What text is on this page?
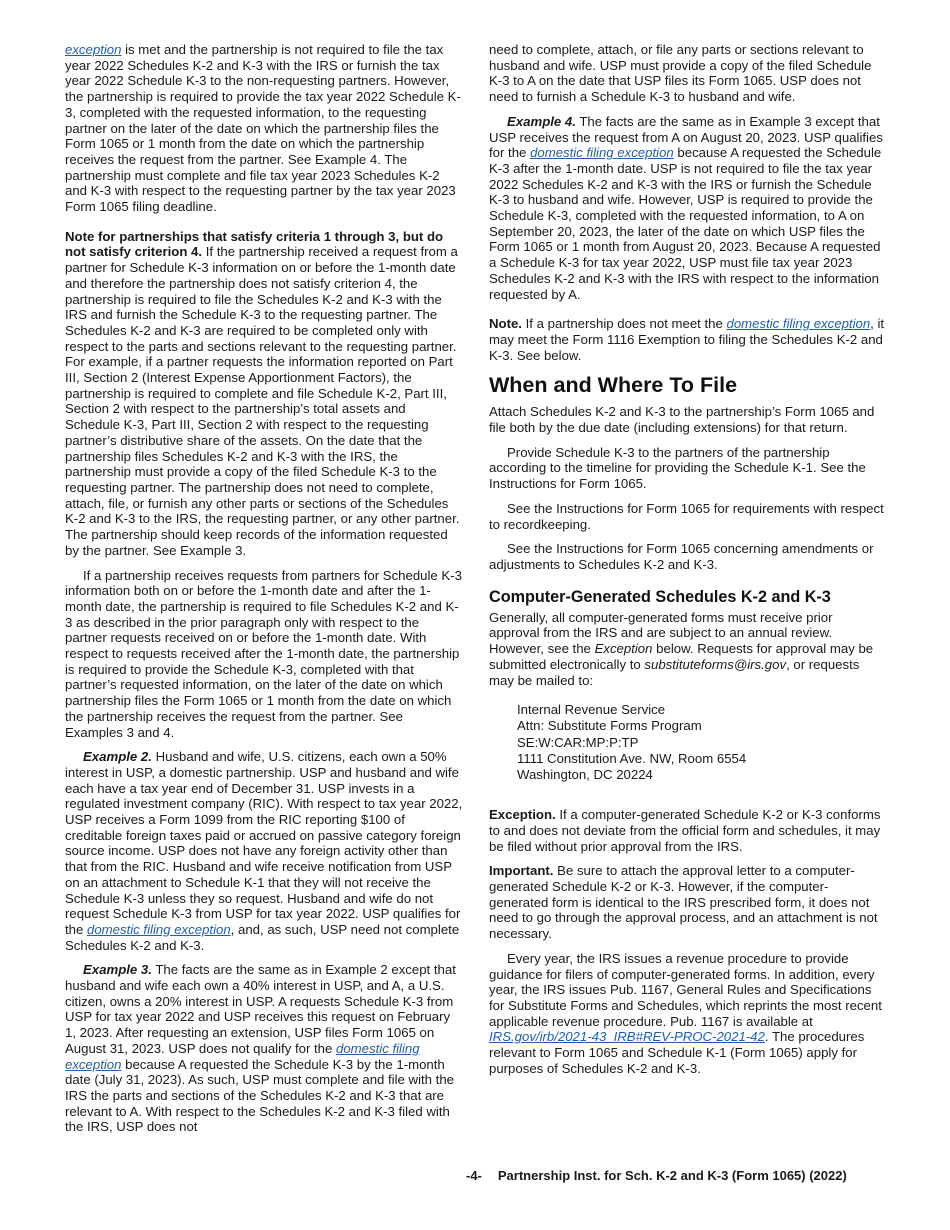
exception is met and the partnership is not required to file the tax year 2022 Schedules K-2 and K-3 with the IRS or furnish the tax year 2022 Schedule K-3 to the non-requesting partners. However, the partnership is required to provide the tax year 2022 Schedule K-3, completed with the requested information, to the requesting partner on the later of the date on which the partnership files the Form 1065 or 1 month from the date on which the partnership receives the request from the partner. See Example 4. The partnership must complete and file tax year 2023 Schedules K-2 and K-3 with respect to the requesting partner by the tax year 2023 Form 1065 filing deadline.

Note for partnerships that satisfy criteria 1 through 3, but do not satisfy criterion 4. If the partnership received a request from a partner for Schedule K-3 information on or before the 1-month date and therefore the partnership does not satisfy criterion 4, the partnership is required to file the Schedules K-2 and K-3 with the IRS and furnish the Schedule K-3 to the requesting partner. The Schedules K-2 and K-3 are required to be completed only with respect to the parts and sections relevant to the requesting partner. For example, if a partner requests the information reported on Part III, Section 2 (Interest Expense Apportionment Factors), the partnership is required to complete and file Schedule K-2, Part III, Section 2 with respect to the partnership’s total assets and Schedule K-3, Part III, Section 2 with respect to the requesting partner’s distributive share of the assets. On the date that the partnership files Schedules K-2 and K-3 with the IRS, the partnership must provide a copy of the filed Schedule K-3 to the requesting partner. The partnership does not need to complete, attach, file, or furnish any other parts or sections of the Schedules K-2 and K-3 to the IRS, the requesting partner, or any other partner. The partnership should keep records of the information requested by the partner. See Example 3.

If a partnership receives requests from partners for Schedule K-3 information both on or before the 1-month date and after the 1-month date, the partnership is required to file Schedules K-2 and K-3 as described in the prior paragraph only with respect to the partner requests received on or before the 1-month date. With respect to requests received after the 1-month date, the partnership is required to provide the Schedule K-3, completed with that partner’s requested information, on the later of the date on which partnership files the Form 1065 or 1 month from the date on which the partnership receives the request from the partner. See Examples 3 and 4.

Example 2. Husband and wife, U.S. citizens, each own a 50% interest in USP, a domestic partnership. USP and husband and wife each have a tax year end of December 31. USP invests in a regulated investment company (RIC). With respect to tax year 2022, USP receives a Form 1099 from the RIC reporting $100 of creditable foreign taxes paid or accrued on passive category foreign source income. USP does not have any foreign activity other than that from the RIC. Husband and wife receive notification from USP on an attachment to Schedule K-1 that they will not receive the Schedule K-3 unless they so request. Husband and wife do not request Schedule K-3 from USP for tax year 2022. USP qualifies for the domestic filing exception, and, as such, USP need not complete Schedules K-2 and K-3.

Example 3. The facts are the same as in Example 2 except that husband and wife each own a 40% interest in USP, and A, a U.S. citizen, owns a 20% interest in USP. A requests Schedule K-3 from USP for tax year 2022 and USP receives this request on February 1, 2023. After requesting an extension, USP files Form 1065 on August 31, 2023. USP does not qualify for the domestic filing exception because A requested the Schedule K-3 by the 1-month date (July 31, 2023). As such, USP must complete and file with the IRS the parts and sections of the Schedules K-2 and K-3 that are relevant to A. With respect to the Schedules K-2 and K-3 filed with the IRS, USP does not

need to complete, attach, or file any parts or sections relevant to husband and wife. USP must provide a copy of the filed Schedule K-3 to A on the date that USP files its Form 1065. USP does not need to furnish a Schedule K-3 to husband and wife.

Example 4. The facts are the same as in Example 3 except that USP receives the request from A on August 20, 2023. USP qualifies for the domestic filing exception because A requested the Schedule K-3 after the 1-month date. USP is not required to file the tax year 2022 Schedules K-2 and K-3 with the IRS or furnish the Schedule K-3 to husband and wife. However, USP is required to provide the Schedule K-3, completed with the requested information, to A on September 20, 2023, the later of the date on which USP files the Form 1065 or 1 month from August 20, 2023. Because A requested a Schedule K-3 for tax year 2022, USP must file tax year 2023 Schedules K-2 and K-3 with the IRS with respect to the information requested by A.

Note. If a partnership does not meet the domestic filing exception, it may meet the Form 1116 Exemption to filing the Schedules K-2 and K-3. See below.

When and Where To File

Attach Schedules K-2 and K-3 to the partnership’s Form 1065 and file both by the due date (including extensions) for that return.

Provide Schedule K-3 to the partners of the partnership according to the timeline for providing the Schedule K-1. See the Instructions for Form 1065.

See the Instructions for Form 1065 for requirements with respect to recordkeeping.

See the Instructions for Form 1065 concerning amendments or adjustments to Schedules K-2 and K-3.

Computer-Generated Schedules K-2 and K-3

Generally, all computer-generated forms must receive prior approval from the IRS and are subject to an annual review. However, see the Exception below. Requests for approval may be submitted electronically to substituteforms@irs.gov, or requests may be mailed to:

Internal Revenue Service
Attn: Substitute Forms Program
SE:W:CAR:MP:P:TP
1111 Constitution Ave. NW, Room 6554
Washington, DC 20224

Exception. If a computer-generated Schedule K-2 or K-3 conforms to and does not deviate from the official form and schedules, it may be filed without prior approval from the IRS.

Important. Be sure to attach the approval letter to a computer-generated Schedule K-2 or K-3. However, if the computer-generated form is identical to the IRS prescribed form, it does not need to go through the approval process, and an attachment is not necessary.

Every year, the IRS issues a revenue procedure to provide guidance for filers of computer-generated forms. In addition, every year, the IRS issues Pub. 1167, General Rules and Specifications for Substitute Forms and Schedules, which reprints the most recent applicable revenue procedure. Pub. 1167 is available at IRS.gov/irb/2021-43_IRB#REV-PROC-2021-42. The procedures relevant to Form 1065 and Schedule K-1 (Form 1065) apply for purposes of Schedules K-2 and K-3.

-4- Partnership Inst. for Sch. K-2 and K-3 (Form 1065) (2022)
